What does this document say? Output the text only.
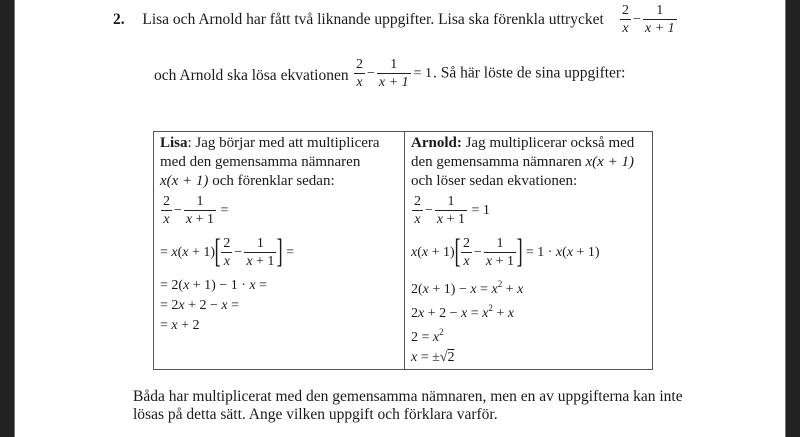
2. Lisa och Arnold har fått två liknande uppgifter. Lisa ska förenkla uttrycket $\frac{2}{x} - \frac{1}{x + 1}$
och Arnold ska lösa ekvationen $\frac{2}{x} - \frac{1}{x + 1} = 1$. Så här löste de sina uppgifter:
Lisa: Jag börjar med att multiplicera
med den gemensamma nämnaren
x(x + 1) och förenklar sedan:
$\frac{2}{x} - \frac{1}{x + 1}$ =
= x(x + 1) [ $\frac{2}{x} - \frac{1}{x + 1}$ ] =
= 2(x + 1) − 1 · x =
= 2x + 2 − x =
= x + 2

Arnold: Jag multiplicerar också med
den gemensamma nämnaren x(x + 1)
och löser sedan ekvationen:
$\frac{2}{x} - \frac{1}{x + 1} = 1$
x(x + 1) [ $\frac{2}{x} - \frac{1}{x + 1}$ ] = 1 · x(x + 1)
$2(x + 1) - x = x^2 + x$
$2x + 2 - x = x^2 + x$
$2 = x^2$
x = ±√2
Båda har multiplicerat med den gemensamma nämnaren, men en av uppgifterna kan inte
lösas på detta sätt. Ange vilken uppgift och förklara varför.
